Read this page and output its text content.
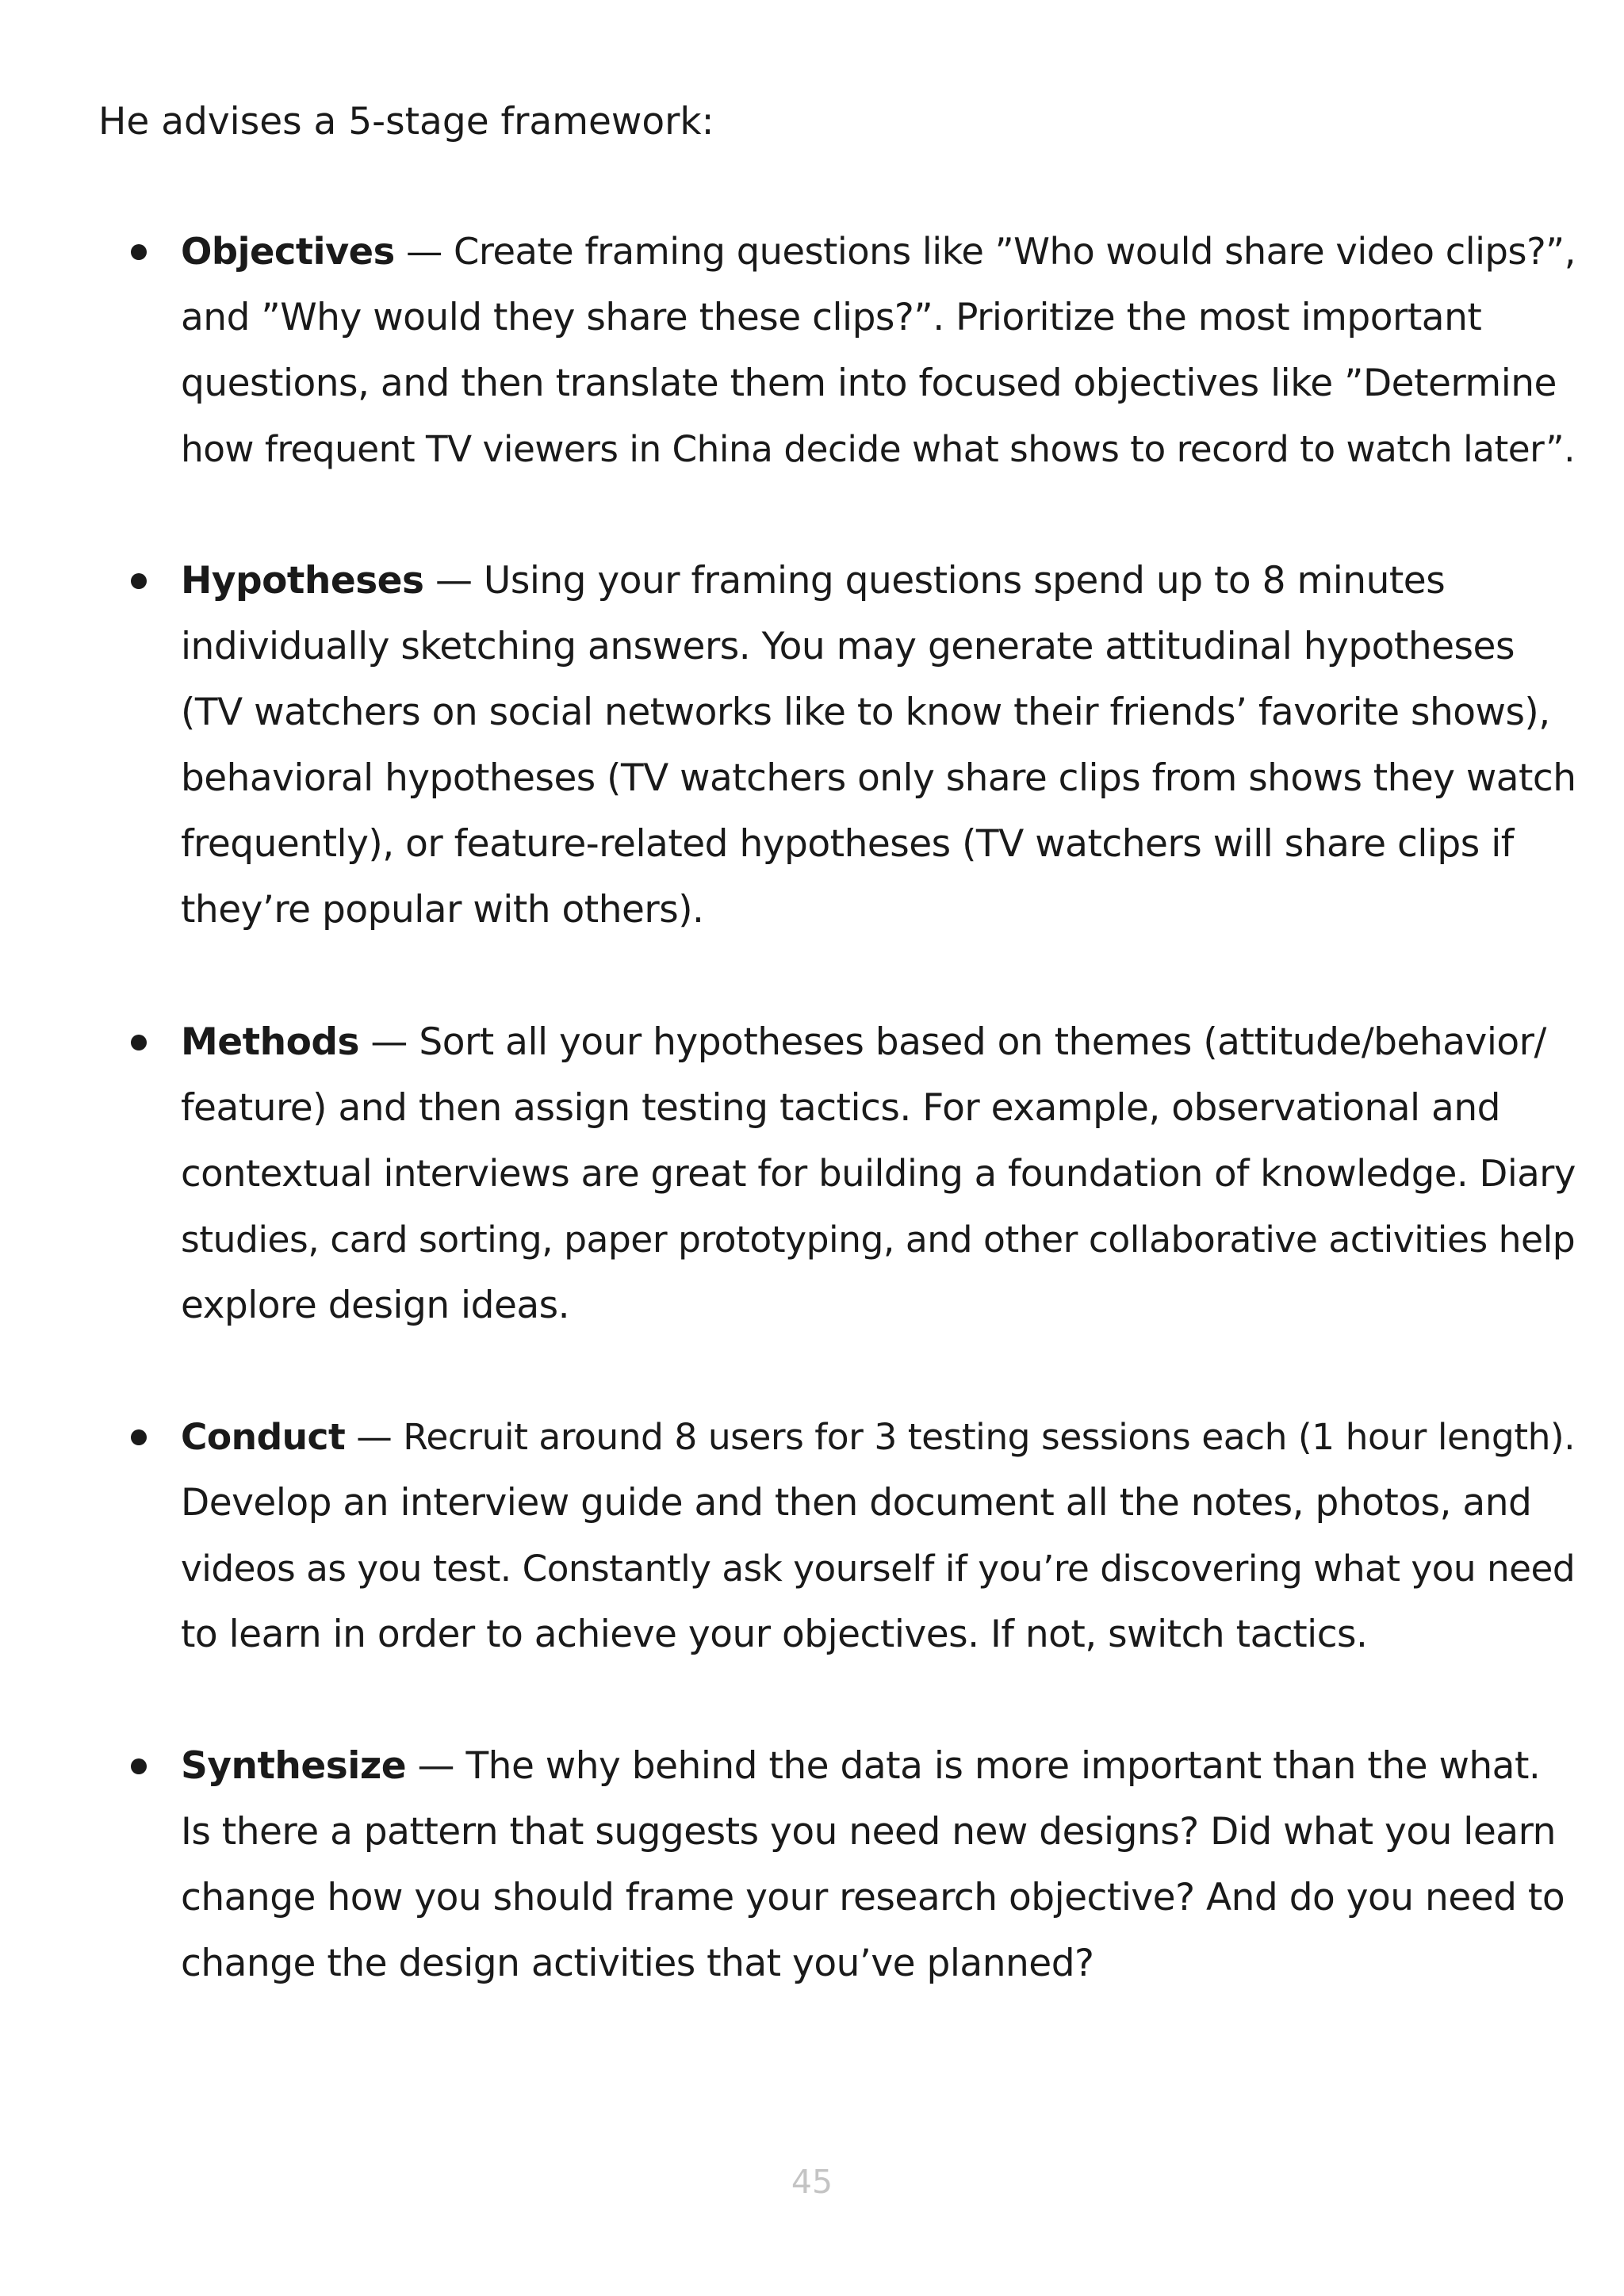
He advises a 5-stage framework:

Objectives — Create framing questions like ”Who would share video clips?”,
and ”Why would they share these clips?”. Prioritize the most important
questions, and then translate them into focused objectives like ”Determine
how frequent TV viewers in China decide what shows to record to watch later”.
Hypotheses — Using your framing questions spend up to 8 minutes
individually sketching answers. You may generate attitudinal hypotheses
(TV watchers on social networks like to know their friends’ favorite shows),
behavioral hypotheses (TV watchers only share clips from shows they watch
frequently), or feature-related hypotheses (TV watchers will share clips if
they’re popular with others).
Methods — Sort all your hypotheses based on themes (attitude/behavior/
feature) and then assign testing tactics. For example, observational and
contextual interviews are great for building a foundation of knowledge. Diary
studies, card sorting, paper prototyping, and other collaborative activities help
explore design ideas.
Conduct — Recruit around 8 users for 3 testing sessions each (1 hour length).
Develop an interview guide and then document all the notes, photos, and
videos as you test. Constantly ask yourself if you’re discovering what you need
to learn in order to achieve your objectives. If not, switch tactics.
Synthesize — The why behind the data is more important than the what.
Is there a pattern that suggests you need new designs? Did what you learn
change how you should frame your research objective? And do you need to
change the design activities that you’ve planned?
45
